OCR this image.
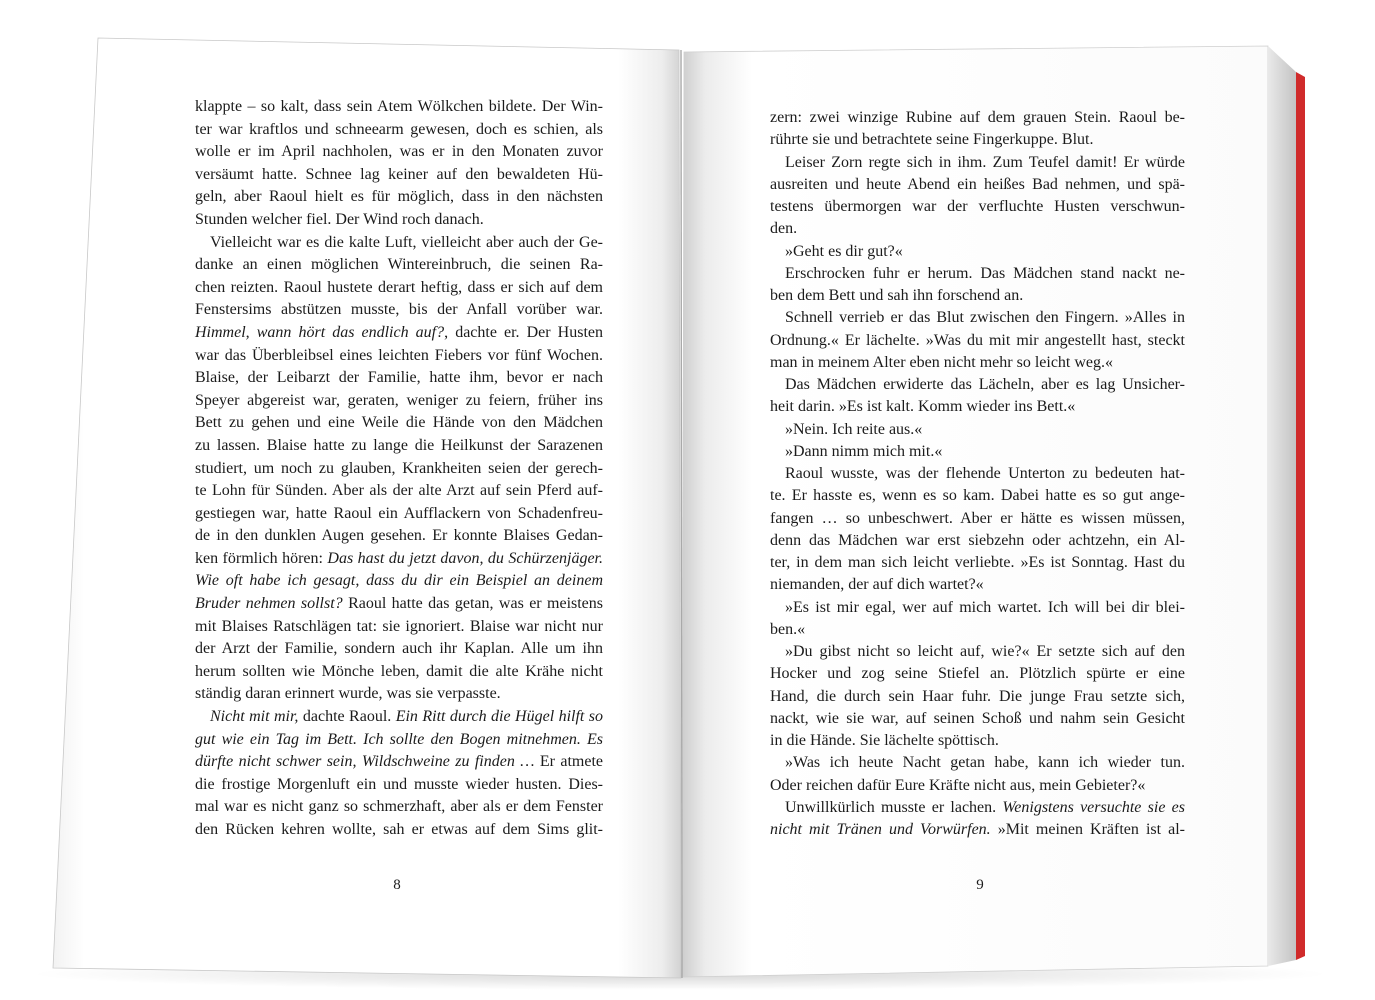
klappte – so kalt, dass sein Atem Wölkchen bildete. Der Win-
ter war kraftlos und schneearm gewesen, doch es schien, als
wolle er im April nachholen, was er in den Monaten zuvor
versäumt hatte. Schnee lag keiner auf den bewaldeten Hü-
geln, aber Raoul hielt es für möglich, dass in den nächsten
Stunden welcher fiel. Der Wind roch danach.
Vielleicht war es die kalte Luft, vielleicht aber auch der Ge-
danke an einen möglichen Wintereinbruch, die seinen Ra-
chen reizten. Raoul hustete derart heftig, dass er sich auf dem
Fenstersims abstützen musste, bis der Anfall vorüber war.
Himmel, wann hört das endlich auf?, dachte er. Der Husten
war das Überbleibsel eines leichten Fiebers vor fünf Wochen.
Blaise, der Leibarzt der Familie, hatte ihm, bevor er nach
Speyer abgereist war, geraten, weniger zu feiern, früher ins
Bett zu gehen und eine Weile die Hände von den Mädchen
zu lassen. Blaise hatte zu lange die Heilkunst der Sarazenen
studiert, um noch zu glauben, Krankheiten seien der gerech-
te Lohn für Sünden. Aber als der alte Arzt auf sein Pferd auf-
gestiegen war, hatte Raoul ein Aufflackern von Schadenfreu-
de in den dunklen Augen gesehen. Er konnte Blaises Gedan-
ken förmlich hören: Das hast du jetzt davon, du Schürzenjäger.
Wie oft habe ich gesagt, dass du dir ein Beispiel an deinem
Bruder nehmen sollst? Raoul hatte das getan, was er meistens
mit Blaises Ratschlägen tat: sie ignoriert. Blaise war nicht nur
der Arzt der Familie, sondern auch ihr Kaplan. Alle um ihn
herum sollten wie Mönche leben, damit die alte Krähe nicht
ständig daran erinnert wurde, was sie verpasste.
Nicht mit mir, dachte Raoul. Ein Ritt durch die Hügel hilft so
gut wie ein Tag im Bett. Ich sollte den Bogen mitnehmen. Es
dürfte nicht schwer sein, Wildschweine zu finden … Er atmete
die frostige Morgenluft ein und musste wieder husten. Dies-
mal war es nicht ganz so schmerzhaft, aber als er dem Fenster
den Rücken kehren wollte, sah er etwas auf dem Sims glit-
zern: zwei winzige Rubine auf dem grauen Stein. Raoul be-
rührte sie und betrachtete seine Fingerkuppe. Blut.
Leiser Zorn regte sich in ihm. Zum Teufel damit! Er würde
ausreiten und heute Abend ein heißes Bad nehmen, und spä-
testens übermorgen war der verfluchte Husten verschwun-
den.
»Geht es dir gut?«
Erschrocken fuhr er herum. Das Mädchen stand nackt ne-
ben dem Bett und sah ihn forschend an.
Schnell verrieb er das Blut zwischen den Fingern. »Alles in
Ordnung.« Er lächelte. »Was du mit mir angestellt hast, steckt
man in meinem Alter eben nicht mehr so leicht weg.«
Das Mädchen erwiderte das Lächeln, aber es lag Unsicher-
heit darin. »Es ist kalt. Komm wieder ins Bett.«
»Nein. Ich reite aus.«
»Dann nimm mich mit.«
Raoul wusste, was der flehende Unterton zu bedeuten hat-
te. Er hasste es, wenn es so kam. Dabei hatte es so gut ange-
fangen … so unbeschwert. Aber er hätte es wissen müssen,
denn das Mädchen war erst siebzehn oder achtzehn, ein Al-
ter, in dem man sich leicht verliebte. »Es ist Sonntag. Hast du
niemanden, der auf dich wartet?«
»Es ist mir egal, wer auf mich wartet. Ich will bei dir blei-
ben.«
»Du gibst nicht so leicht auf, wie?« Er setzte sich auf den
Hocker und zog seine Stiefel an. Plötzlich spürte er eine
Hand, die durch sein Haar fuhr. Die junge Frau setzte sich,
nackt, wie sie war, auf seinen Schoß und nahm sein Gesicht
in die Hände. Sie lächelte spöttisch.
»Was ich heute Nacht getan habe, kann ich wieder tun.
Oder reichen dafür Eure Kräfte nicht aus, mein Gebieter?«
Unwillkürlich musste er lachen. Wenigstens versuchte sie es
nicht mit Tränen und Vorwürfen. »Mit meinen Kräften ist al-
8	9
